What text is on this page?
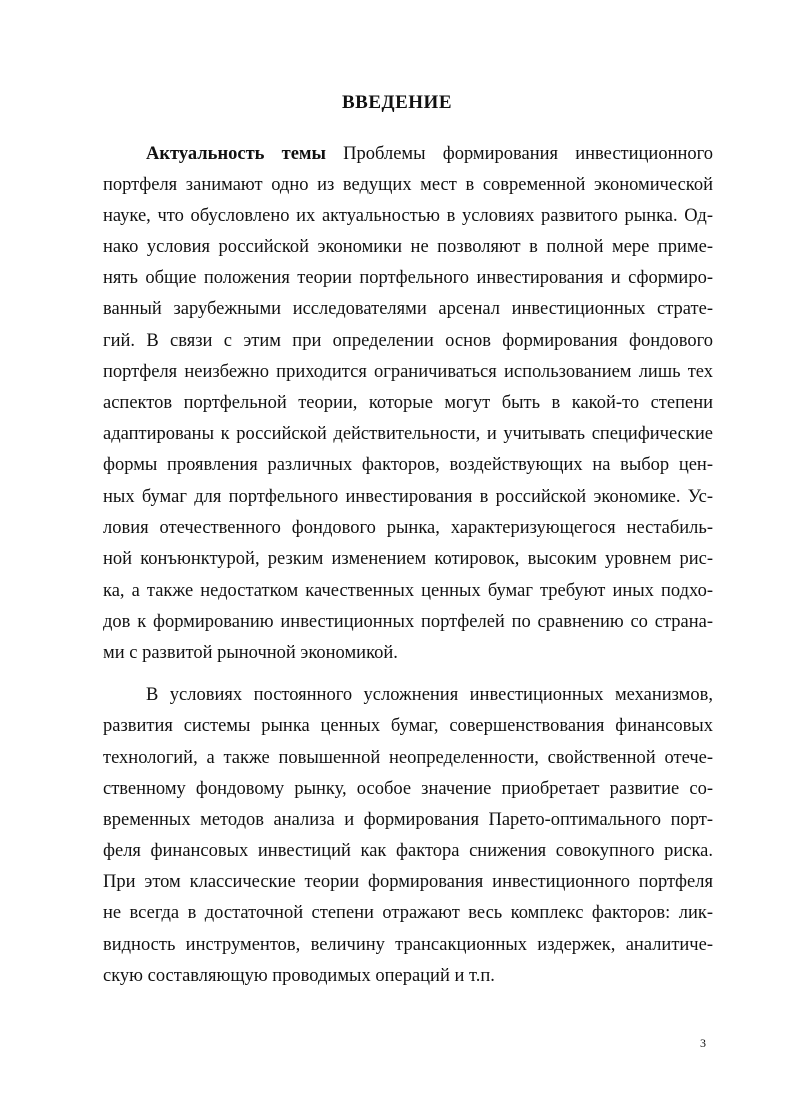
ВВЕДЕНИЕ
Актуальность темы Проблемы формирования инвестиционного
портфеля занимают одно из ведущих мест в современной экономической
науке, что обусловлено их актуальностью в условиях развитого рынка. Од-
нако условия российской экономики не позволяют в полной мере приме-
нять общие положения теории портфельного инвестирования и сформиро-
ванный зарубежными исследователями арсенал инвестиционных страте-
гий. В связи с этим при определении основ формирования фондового
портфеля неизбежно приходится ограничиваться использованием лишь тех
аспектов портфельной теории, которые могут быть в какой-то степени
адаптированы к российской действительности, и учитывать специфические
формы проявления различных факторов, воздействующих на выбор цен-
ных бумаг для портфельного инвестирования в российской экономике. Ус-
ловия отечественного фондового рынка, характеризующегося нестабиль-
ной конъюнктурой, резким изменением котировок, высоким уровнем рис-
ка, а также недостатком качественных ценных бумаг требуют иных подхо-
дов к формированию инвестиционных портфелей по сравнению со страна-
ми с развитой рыночной экономикой.
В условиях постоянного усложнения инвестиционных механизмов,
развития системы рынка ценных бумаг, совершенствования финансовых
технологий, а также повышенной неопределенности, свойственной отече-
ственному фондовому рынку, особое значение приобретает развитие со-
временных методов анализа и формирования Парето-оптимального порт-
феля финансовых инвестиций как фактора снижения совокупного риска.
При этом классические теории формирования инвестиционного портфеля
не всегда в достаточной степени отражают весь комплекс факторов: лик-
видность инструментов, величину трансакционных издержек, аналитиче-
скую составляющую проводимых операций и т.п.
3
